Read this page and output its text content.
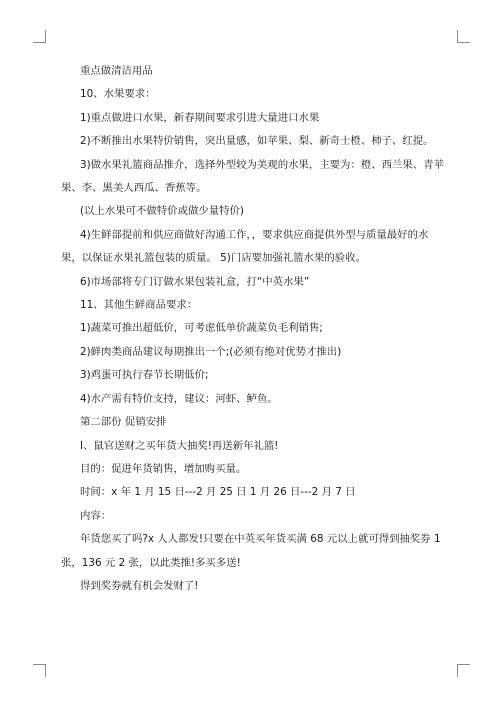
重点做清洁用品

10、水果要求：

1)重点做进口水果，新春期间要求引进大量进口水果

2)不断推出水果特价销售，突出量感，如苹果、梨、新奇士橙、柿子、红提。

3)做水果礼篮商品推介，选择外型较为美观的水果，主要为：橙、西兰果、青苹果、李、黑美人西瓜、香蕉等。

(以上水果可不做特价或做少量特价)

4)生鲜部提前和供应商做好沟通工作，，要求供应商提供外型与质量最好的水果，以保证水果礼篮包装的质量。 5)门店要加强礼篮水果的验收。

6)市场部将专门订做水果包装礼盒，打“中英水果”

11、其他生鲜商品要求：

1)蔬菜可推出超低价，可考虑低单价蔬菜负毛利销售;

2)鲜肉类商品建议每期推出一个;(必须有绝对优势才推出)

3)鸡蛋可执行春节长期低价;

4)水产需有特价支持，建议：河虾、鲈鱼。

第二部份 促销安排

I、鼠官送财之买年货大抽奖!再送新年礼篮!

目的：促进年货销售，增加购买量。

时间：x 年 1 月 15 日---2 月 25 日 1 月 26 日---2 月 7 日

内容：

年货您买了吗?x 人人都发!只要在中英买年货买满 68 元以上就可得到抽奖券 1 张，136 元 2 张，以此类推!多买多送!

得到奖券就有机会发财了!
